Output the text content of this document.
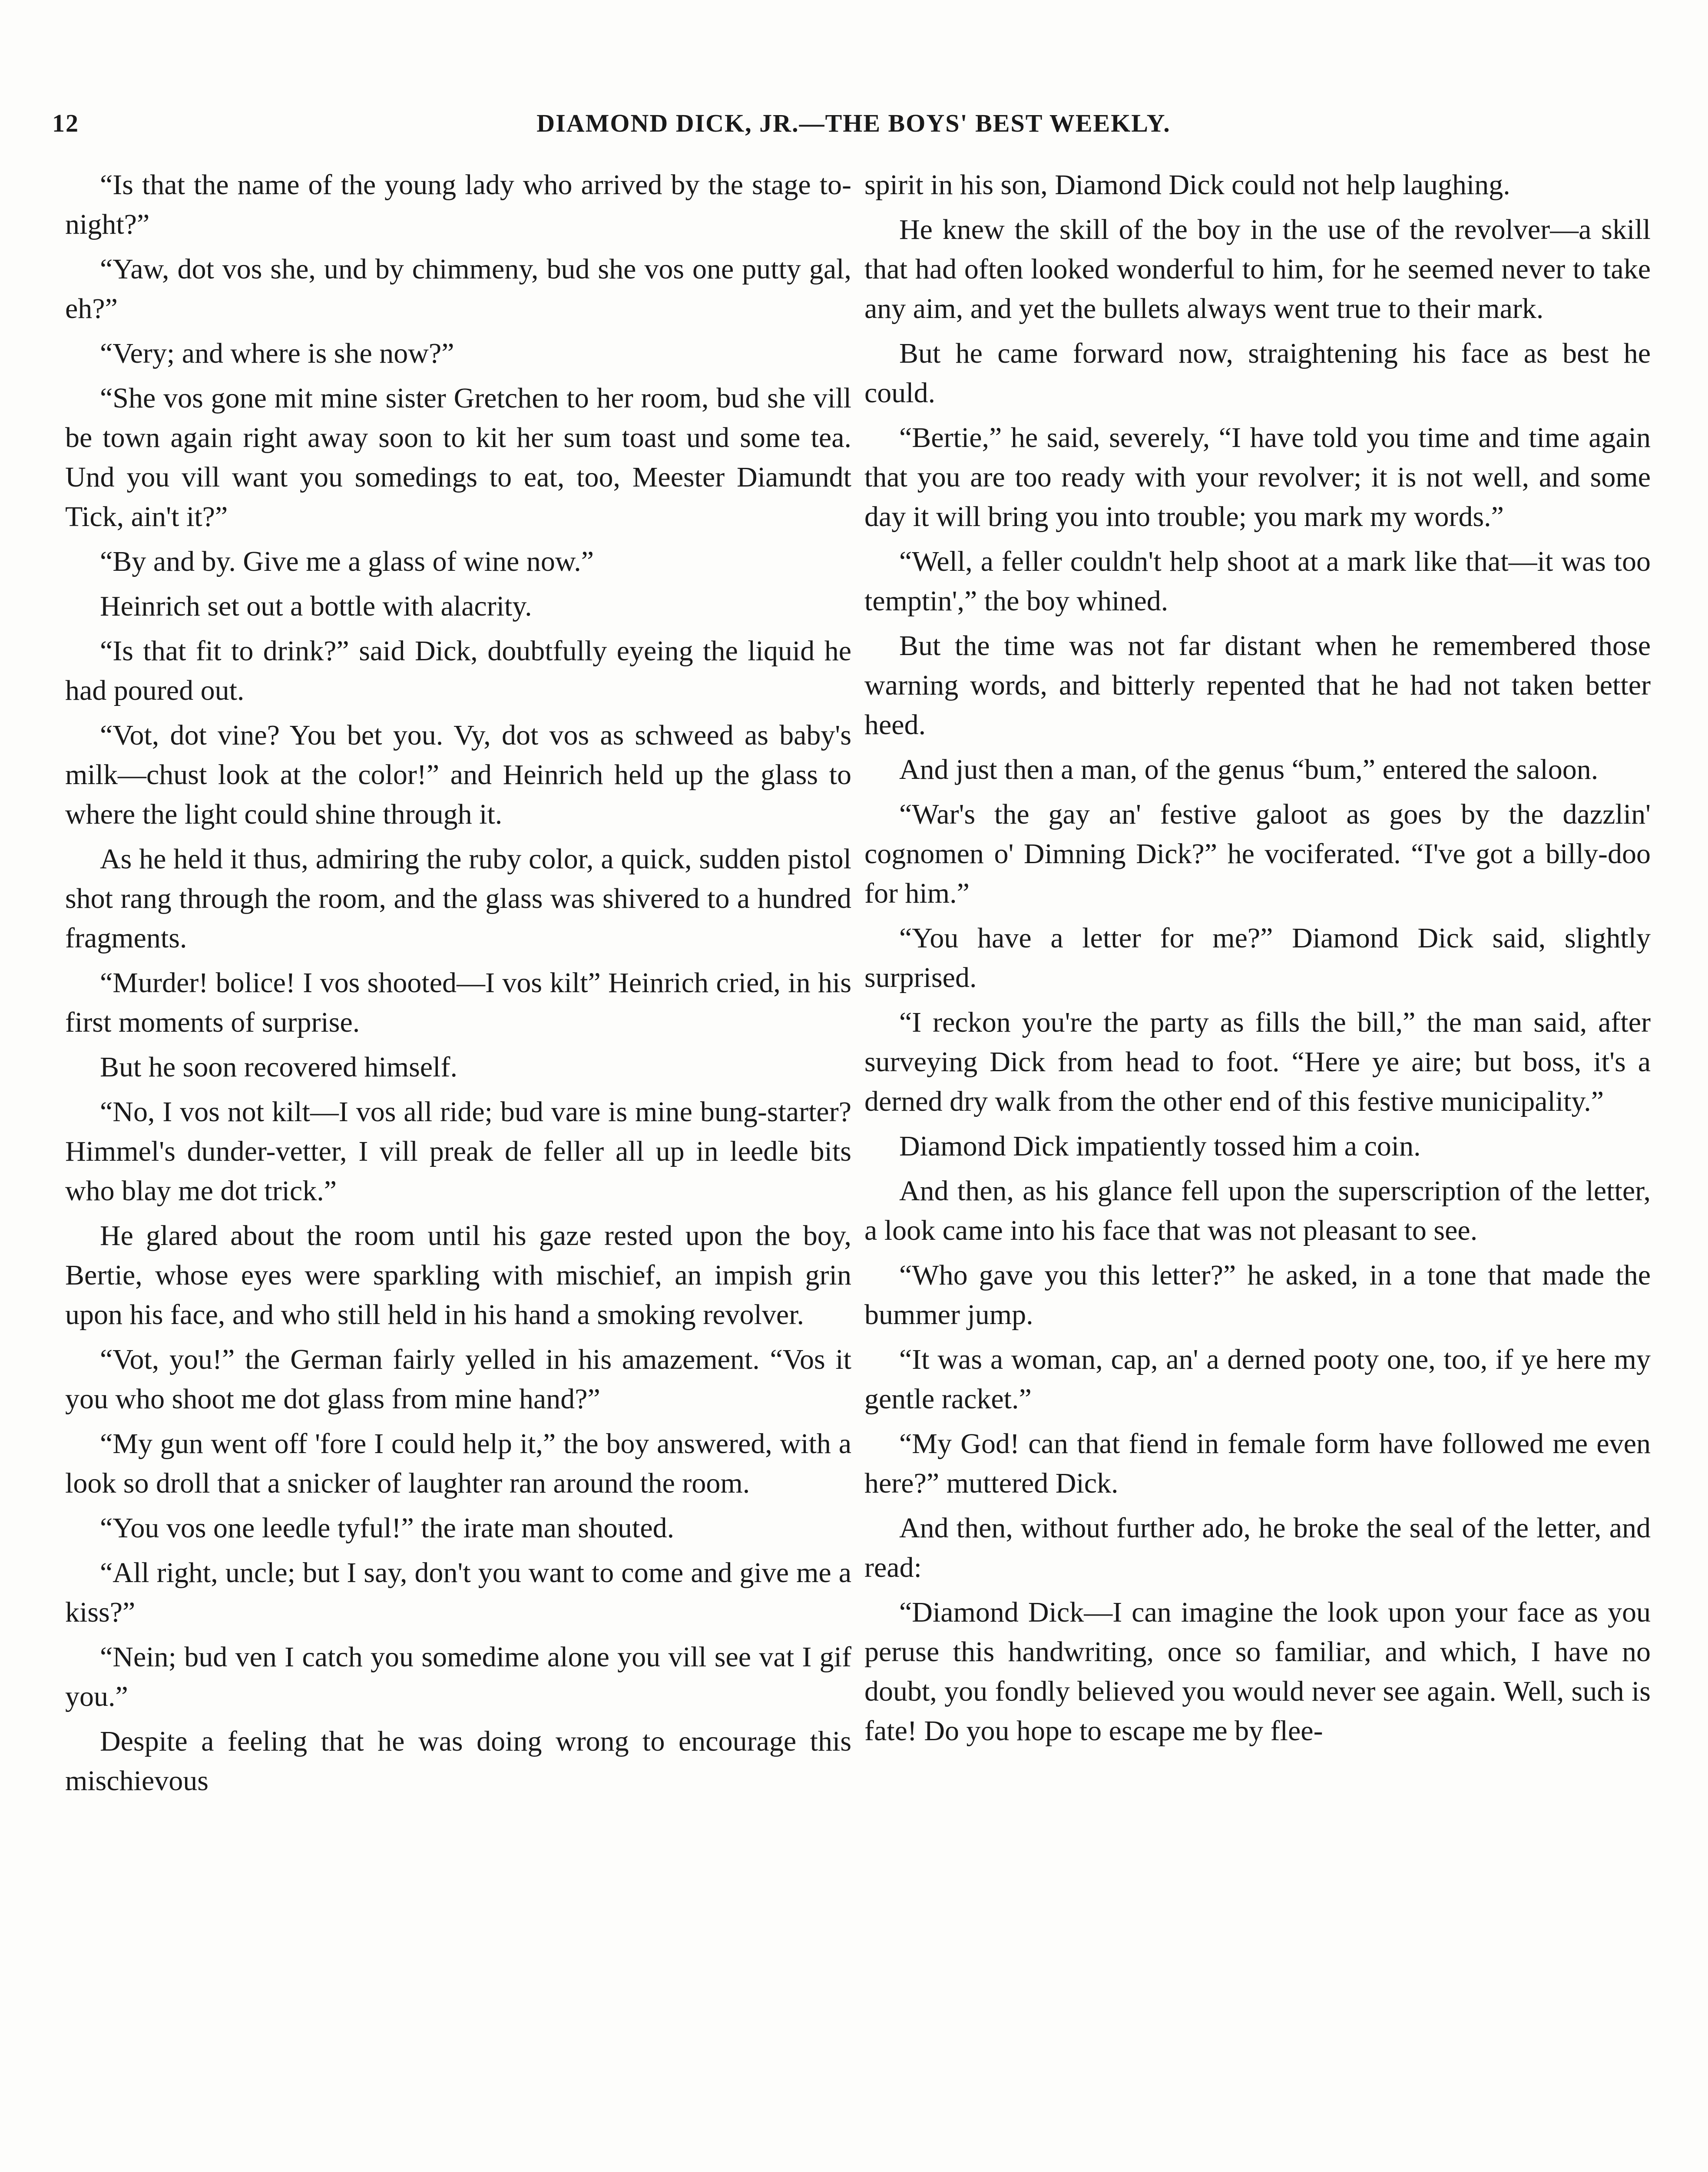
12	DIAMOND DICK, JR.—THE BOYS' BEST WEEKLY.

“Is that the name of the young lady who arrived by the stage to-night?”

“Yaw, dot vos she, und by chimmeny, bud she vos one putty gal, eh?”

“Very; and where is she now?”

“She vos gone mit mine sister Gretchen to her room, bud she vill be town again right away soon to kit her sum toast und some tea. Und you vill want you somedings to eat, too, Meester Diamundt Tick, ain't it?”

“By and by. Give me a glass of wine now.”

Heinrich set out a bottle with alacrity.

“Is that fit to drink?” said Dick, doubtfully eyeing the liquid he had poured out.

“Vot, dot vine? You bet you. Vy, dot vos as schweed as baby's milk—chust look at the color!” and Heinrich held up the glass to where the light could shine through it.

As he held it thus, admiring the ruby color, a quick, sudden pistol shot rang through the room, and the glass was shivered to a hundred fragments.

“Murder! bolice! I vos shooted—I vos kilt” Heinrich cried, in his first moments of surprise.

But he soon recovered himself.

“No, I vos not kilt—I vos all ride; bud vare is mine bung-starter? Himmel's dunder-vetter, I vill preak de feller all up in leedle bits who blay me dot trick.”

He glared about the room until his gaze rested upon the boy, Bertie, whose eyes were sparkling with mischief, an impish grin upon his face, and who still held in his hand a smoking revolver.

“Vot, you!” the German fairly yelled in his amazement. “Vos it you who shoot me dot glass from mine hand?”

“My gun went off 'fore I could help it,” the boy answered, with a look so droll that a snicker of laughter ran around the room.

“You vos one leedle tyful!” the irate man shouted.

“All right, uncle; but I say, don't you want to come and give me a kiss?”

“Nein; bud ven I catch you somedime alone you vill see vat I gif you.”

Despite a feeling that he was doing wrong to encourage this mischievous

spirit in his son, Diamond Dick could not help laughing.

He knew the skill of the boy in the use of the revolver—a skill that had often looked wonderful to him, for he seemed never to take any aim, and yet the bullets always went true to their mark.

But he came forward now, straightening his face as best he could.

“Bertie,” he said, severely, “I have told you time and time again that you are too ready with your revolver; it is not well, and some day it will bring you into trouble; you mark my words.”

“Well, a feller couldn't help shoot at a mark like that—it was too temptin',” the boy whined.

But the time was not far distant when he remembered those warning words, and bitterly repented that he had not taken better heed.

And just then a man, of the genus “bum,” entered the saloon.

“War's the gay an' festive galoot as goes by the dazzlin' cognomen o' Dimning Dick?” he vociferated. “I've got a billy-doo for him.”

“You have a letter for me?” Diamond Dick said, slightly surprised.

“I reckon you're the party as fills the bill,” the man said, after surveying Dick from head to foot. “Here ye aire; but boss, it's a derned dry walk from the other end of this festive municipality.”

Diamond Dick impatiently tossed him a coin.

And then, as his glance fell upon the superscription of the letter, a look came into his face that was not pleasant to see.

“Who gave you this letter?” he asked, in a tone that made the bummer jump.

“It was a woman, cap, an' a derned pooty one, too, if ye here my gentle racket.”

“My God! can that fiend in female form have followed me even here?” muttered Dick.

And then, without further ado, he broke the seal of the letter, and read:

“Diamond Dick—I can imagine the look upon your face as you peruse this handwriting, once so familiar, and which, I have no doubt, you fondly believed you would never see again. Well, such is fate! Do you hope to escape me by flee-
